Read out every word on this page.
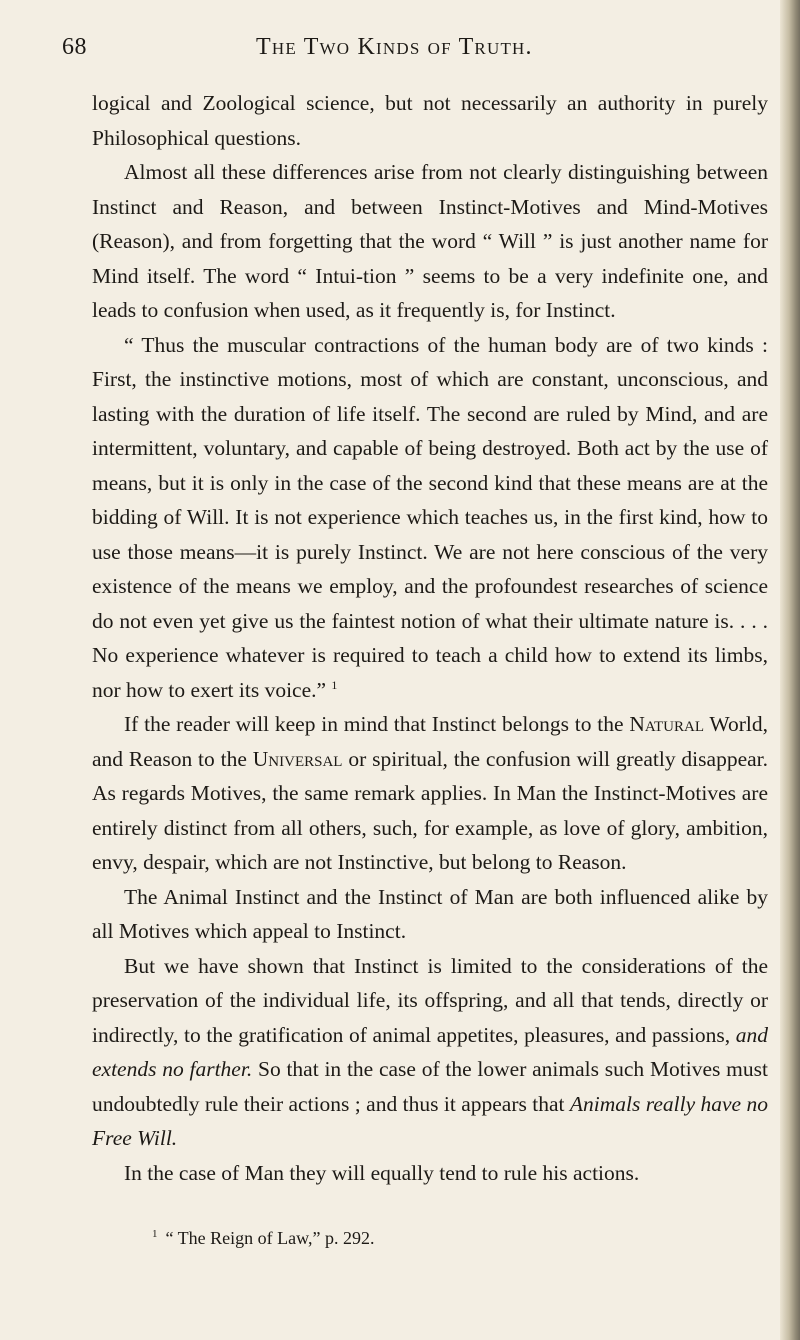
68	The Two Kinds of Truth.

logical and Zoological science, but not necessarily an authority in purely Philosophical questions.

Almost all these differences arise from not clearly distinguishing between Instinct and Reason, and between Instinct-Motives and Mind-Motives (Reason), and from forgetting that the word “ Will ” is just another name for Mind itself. The word “ Intui-tion ” seems to be a very indefinite one, and leads to confusion when used, as it frequently is, for Instinct.

“ Thus the muscular contractions of the human body are of two kinds : First, the instinctive motions, most of which are constant, unconscious, and lasting with the duration of life itself. The second are ruled by Mind, and are intermittent, voluntary, and capable of being destroyed. Both act by the use of means, but it is only in the case of the second kind that these means are at the bidding of Will. It is not experience which teaches us, in the first kind, how to use those means—it is purely Instinct. We are not here conscious of the very existence of the means we employ, and the profoundest researches of science do not even yet give us the faintest notion of what their ultimate nature is. . . . No experience whatever is required to teach a child how to extend its limbs, nor how to exert its voice.” $^1$

If the reader will keep in mind that Instinct belongs to the Natural World, and Reason to the Universal or spiritual, the confusion will greatly disappear. As regards Motives, the same remark applies. In Man the Instinct-Motives are entirely distinct from all others, such, for example, as love of glory, ambition, envy, despair, which are not Instinctive, but belong to Reason.

The Animal Instinct and the Instinct of Man are both influenced alike by all Motives which appeal to Instinct.

But we have shown that Instinct is limited to the considerations of the preservation of the individual life, its offspring, and all that tends, directly or indirectly, to the gratification of animal appetites, pleasures, and passions, and extends no farther. So that in the case of the lower animals such Motives must undoubtedly rule their actions ; and thus it appears that Animals really have no Free Will.

In the case of Man they will equally tend to rule his actions.

$^1$ “ The Reign of Law,” p. 292.
